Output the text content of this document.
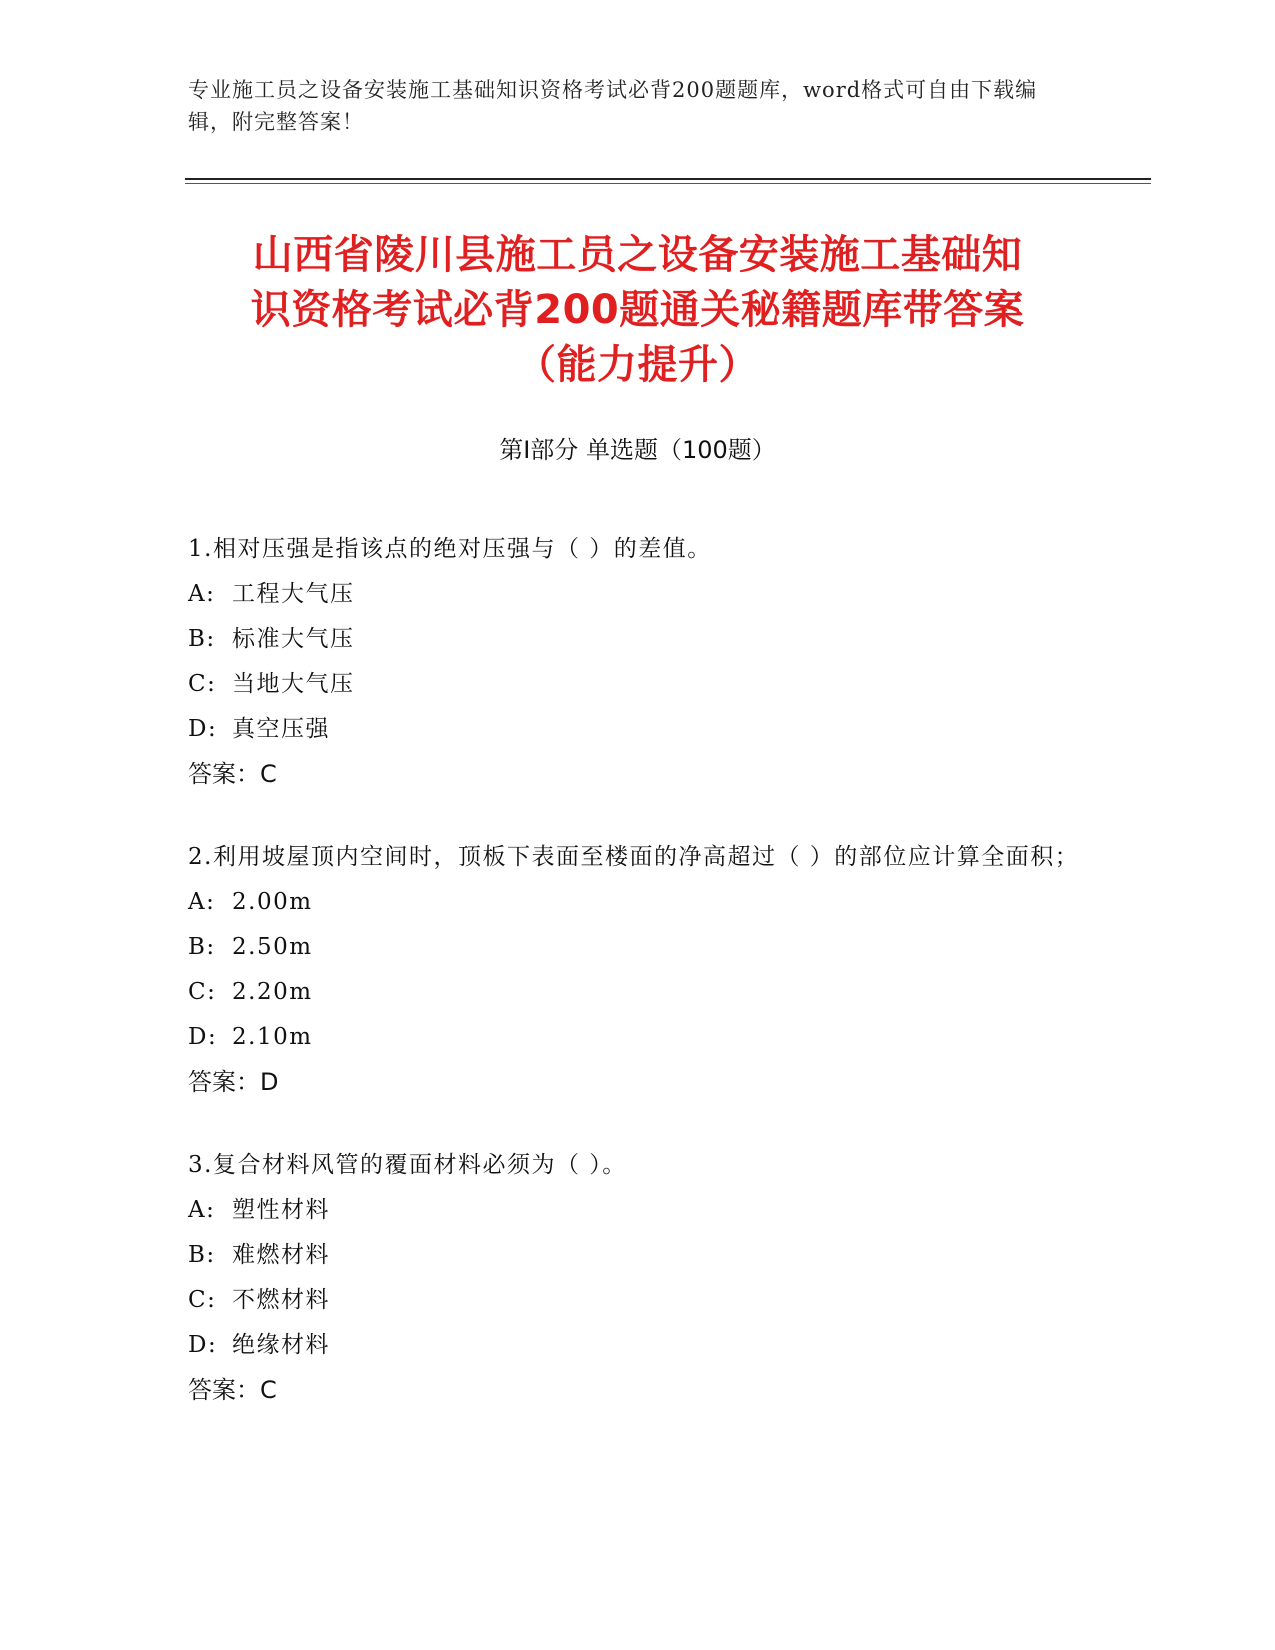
专业施工员之设备安装施工基础知识资格考试必背200题题库，word格式可自由下载编辑，附完整答案！
山西省陵川县施工员之设备安装施工基础知
识资格考试必背200题通关秘籍题库带答案
（能力提升）
第Ⅰ部分 单选题（100题）
1.相对压强是指该点的绝对压强与（ ）的差值。
A: 工程大气压
B: 标准大气压
C: 当地大气压
D: 真空压强
答案：C
2.利用坡屋顶内空间时，顶板下表面至楼面的净高超过（ ）的部位应计算全面积；
A: 2.00m
B: 2.50m
C: 2.20m
D: 2.10m
答案：D
3.复合材料风管的覆面材料必须为（ ）。
A: 塑性材料
B: 难燃材料
C: 不燃材料
D: 绝缘材料
答案：C
